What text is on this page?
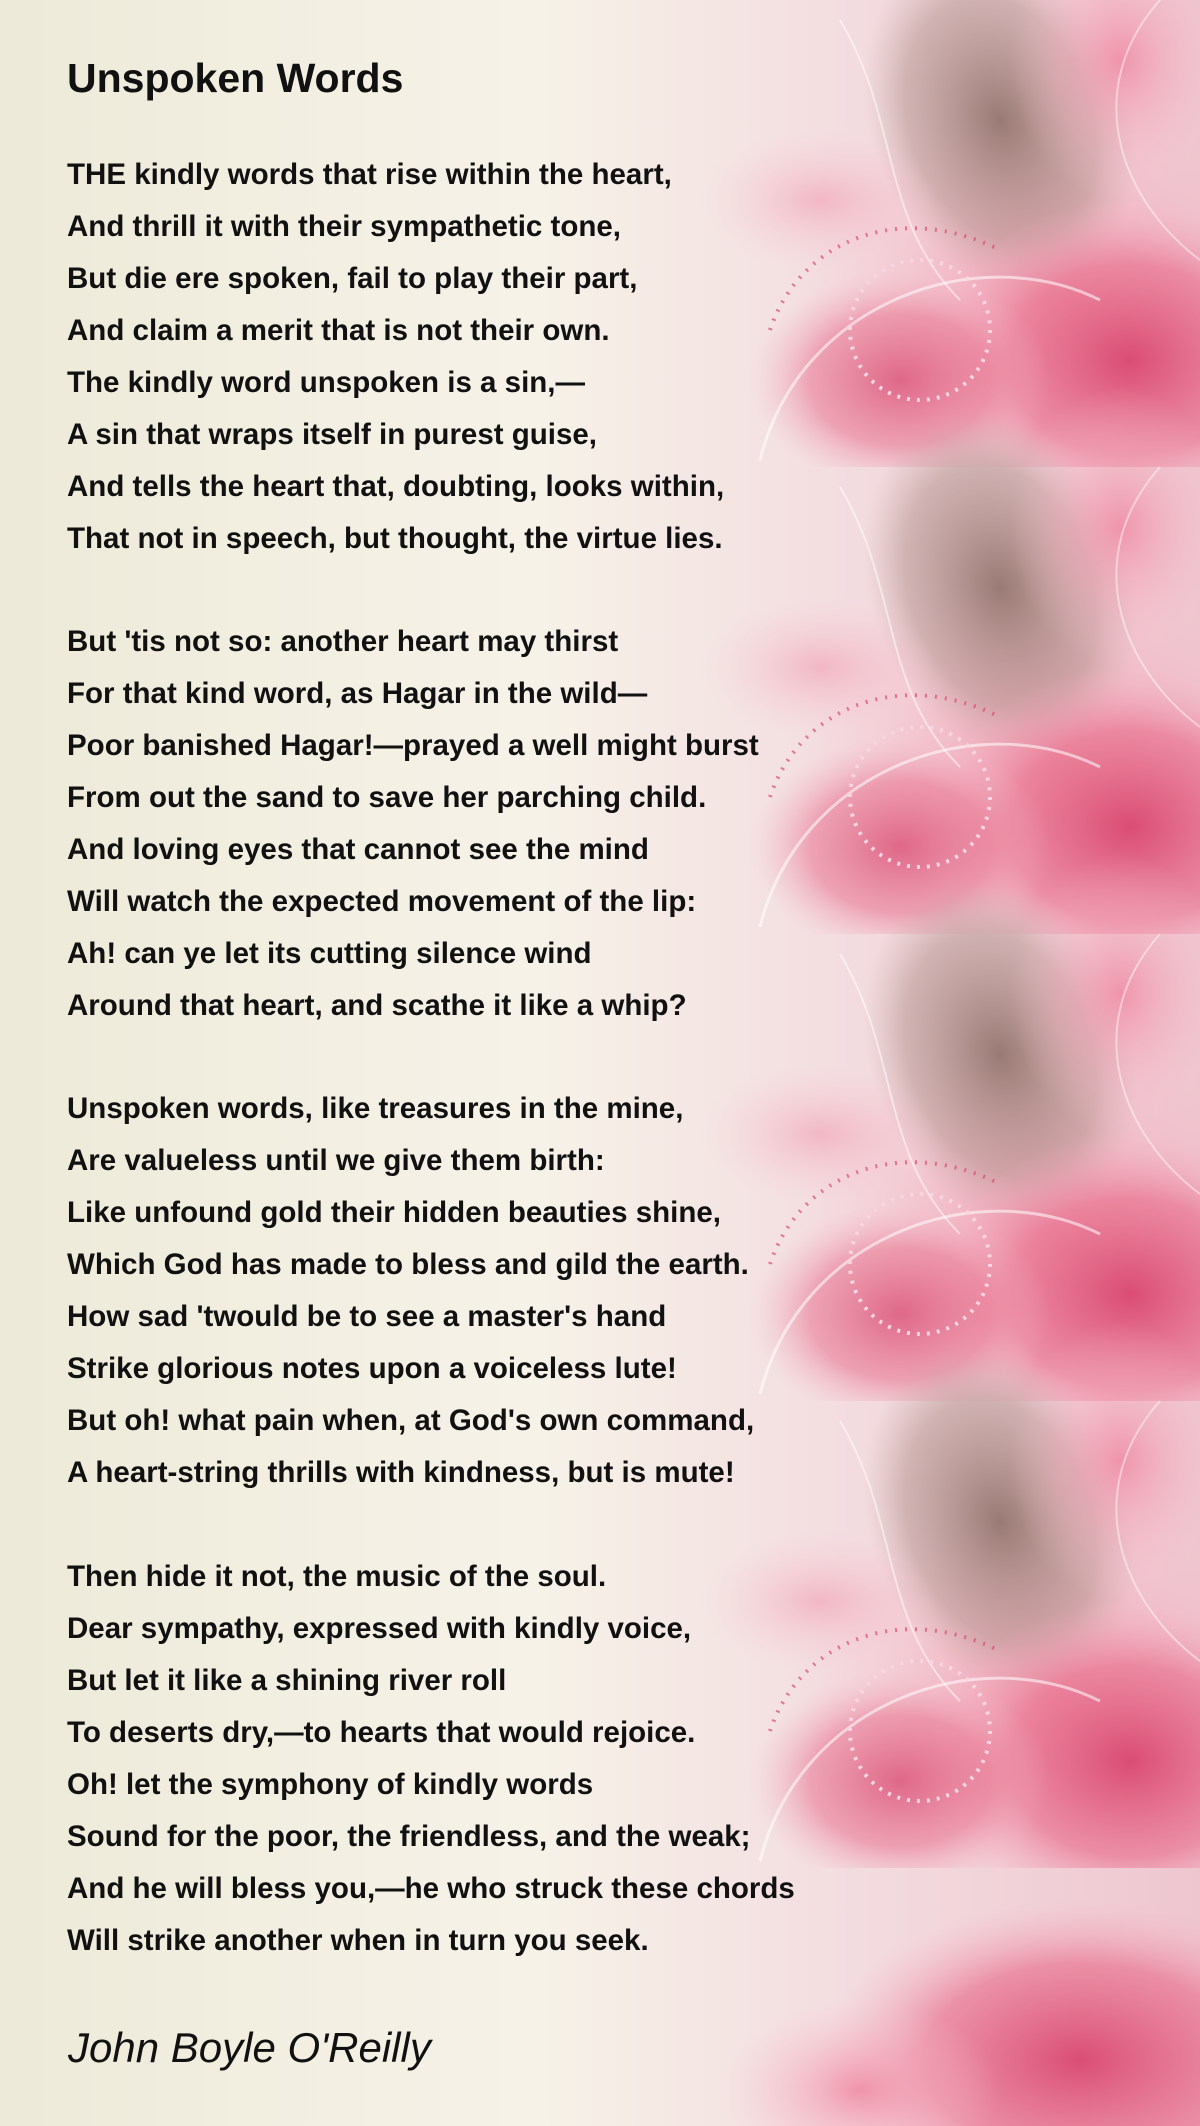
Unspoken Words
THE kindly words that rise within the heart,
And thrill it with their sympathetic tone,
But die ere spoken, fail to play their part,
And claim a merit that is not their own.
The kindly word unspoken is a sin,—
A sin that wraps itself in purest guise,
And tells the heart that, doubting, looks within,
That not in speech, but thought, the virtue lies.
But 'tis not so: another heart may thirst
For that kind word, as Hagar in the wild—
Poor banished Hagar!—prayed a well might burst
From out the sand to save her parching child.
And loving eyes that cannot see the mind
Will watch the expected movement of the lip:
Ah! can ye let its cutting silence wind
Around that heart, and scathe it like a whip?
Unspoken words, like treasures in the mine,
Are valueless until we give them birth:
Like unfound gold their hidden beauties shine,
Which God has made to bless and gild the earth.
How sad 'twould be to see a master's hand
Strike glorious notes upon a voiceless lute!
But oh! what pain when, at God's own command,
A heart-string thrills with kindness, but is mute!
Then hide it not, the music of the soul.
Dear sympathy, expressed with kindly voice,
But let it like a shining river roll
To deserts dry,—to hearts that would rejoice.
Oh! let the symphony of kindly words
Sound for the poor, the friendless, and the weak;
And he will bless you,—he who struck these chords
Will strike another when in turn you seek.

John Boyle O'Reilly
